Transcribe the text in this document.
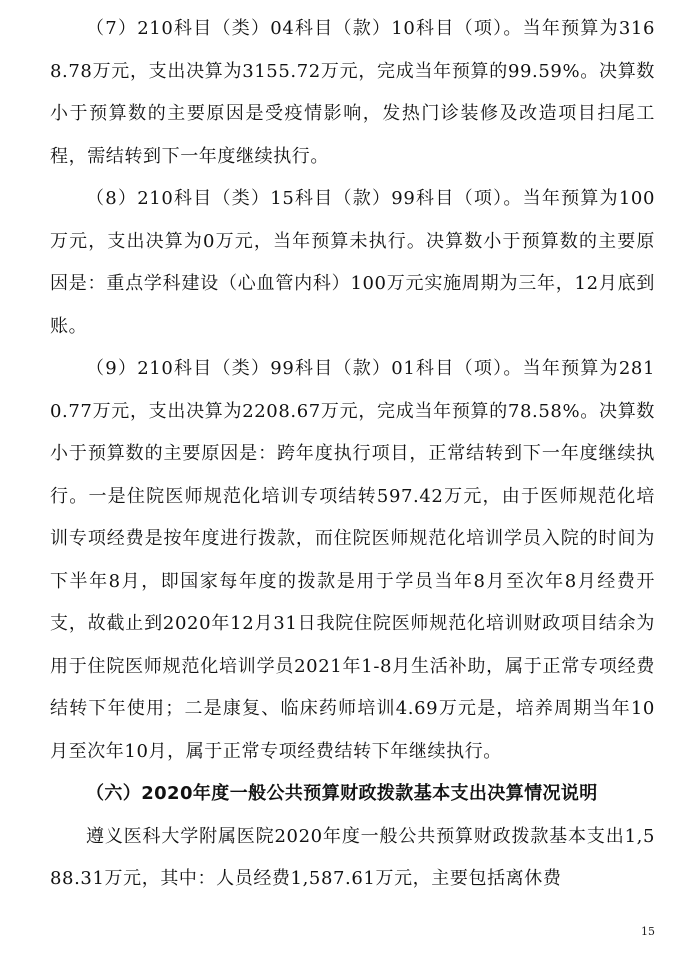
（7）210科目（类）04科目（款）10科目（项）。当年预算为3168.78万元，支出决算为3155.72万元，完成当年预算的99.59%。决算数小于预算数的主要原因是受疫情影响，发热门诊装修及改造项目扫尾工程，需结转到下一年度继续执行。

（8）210科目（类）15科目（款）99科目（项）。当年预算为100万元，支出决算为0万元，当年预算未执行。决算数小于预算数的主要原因是：重点学科建设（心血管内科）100万元实施周期为三年，12月底到账。

（9）210科目（类）99科目（款）01科目（项）。当年预算为2810.77万元，支出决算为2208.67万元，完成当年预算的78.58%。决算数小于预算数的主要原因是：跨年度执行项目，正常结转到下一年度继续执行。一是住院医师规范化培训专项结转597.42万元，由于医师规范化培训专项经费是按年度进行拨款，而住院医师规范化培训学员入院的时间为下半年8月，即国家每年度的拨款是用于学员当年8月至次年8月经费开支，故截止到2020年12月31日我院住院医师规范化培训财政项目结余为用于住院医师规范化培训学员2021年1-8月生活补助，属于正常专项经费结转下年使用；二是康复、临床药师培训4.69万元是，培养周期当年10月至次年10月，属于正常专项经费结转下年继续执行。

（六）2020年度一般公共预算财政拨款基本支出决算情况说明

遵义医科大学附属医院2020年度一般公共预算财政拨款基本支出1,588.31万元，其中：人员经费1,587.61万元，主要包括离休费

15
